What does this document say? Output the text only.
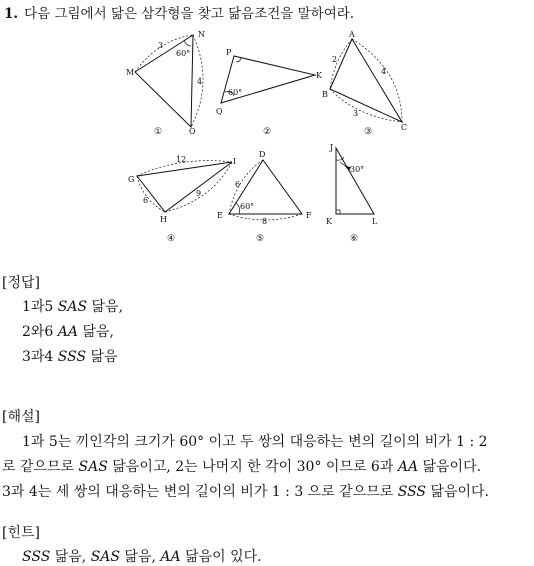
1. 다음 그림에서 닮은 삼각형을 찾고 닮음조건을 말하여라.
M
N
O
3
4
60°
①
P
Q
K
60°
②
A
B
C
2
4
3
③
G
H
I
12
6
9
④
D
E	F
6
8
60°
⑤
J
K	L
30°
⑥
[정답]
1과5 SAS 닮음,
2와6 AA 닮음,
3과4 SSS 닮음
[해설]
1과 5는 끼인각의 크기가 60° 이고 두 쌍의 대응하는 변의 길이의 비가 1 : 2
로 같으므로 SAS 닮음이고, 2는 나머지 한 각이 30° 이므로 6과 AA 닮음이다.
3과 4는 세 쌍의 대응하는 변의 길이의 비가 1 : 3 으로 같으므로 SSS 닮음이다.
[힌트]
SSS 닮음, SAS 닮음, AA 닮음이 있다.
